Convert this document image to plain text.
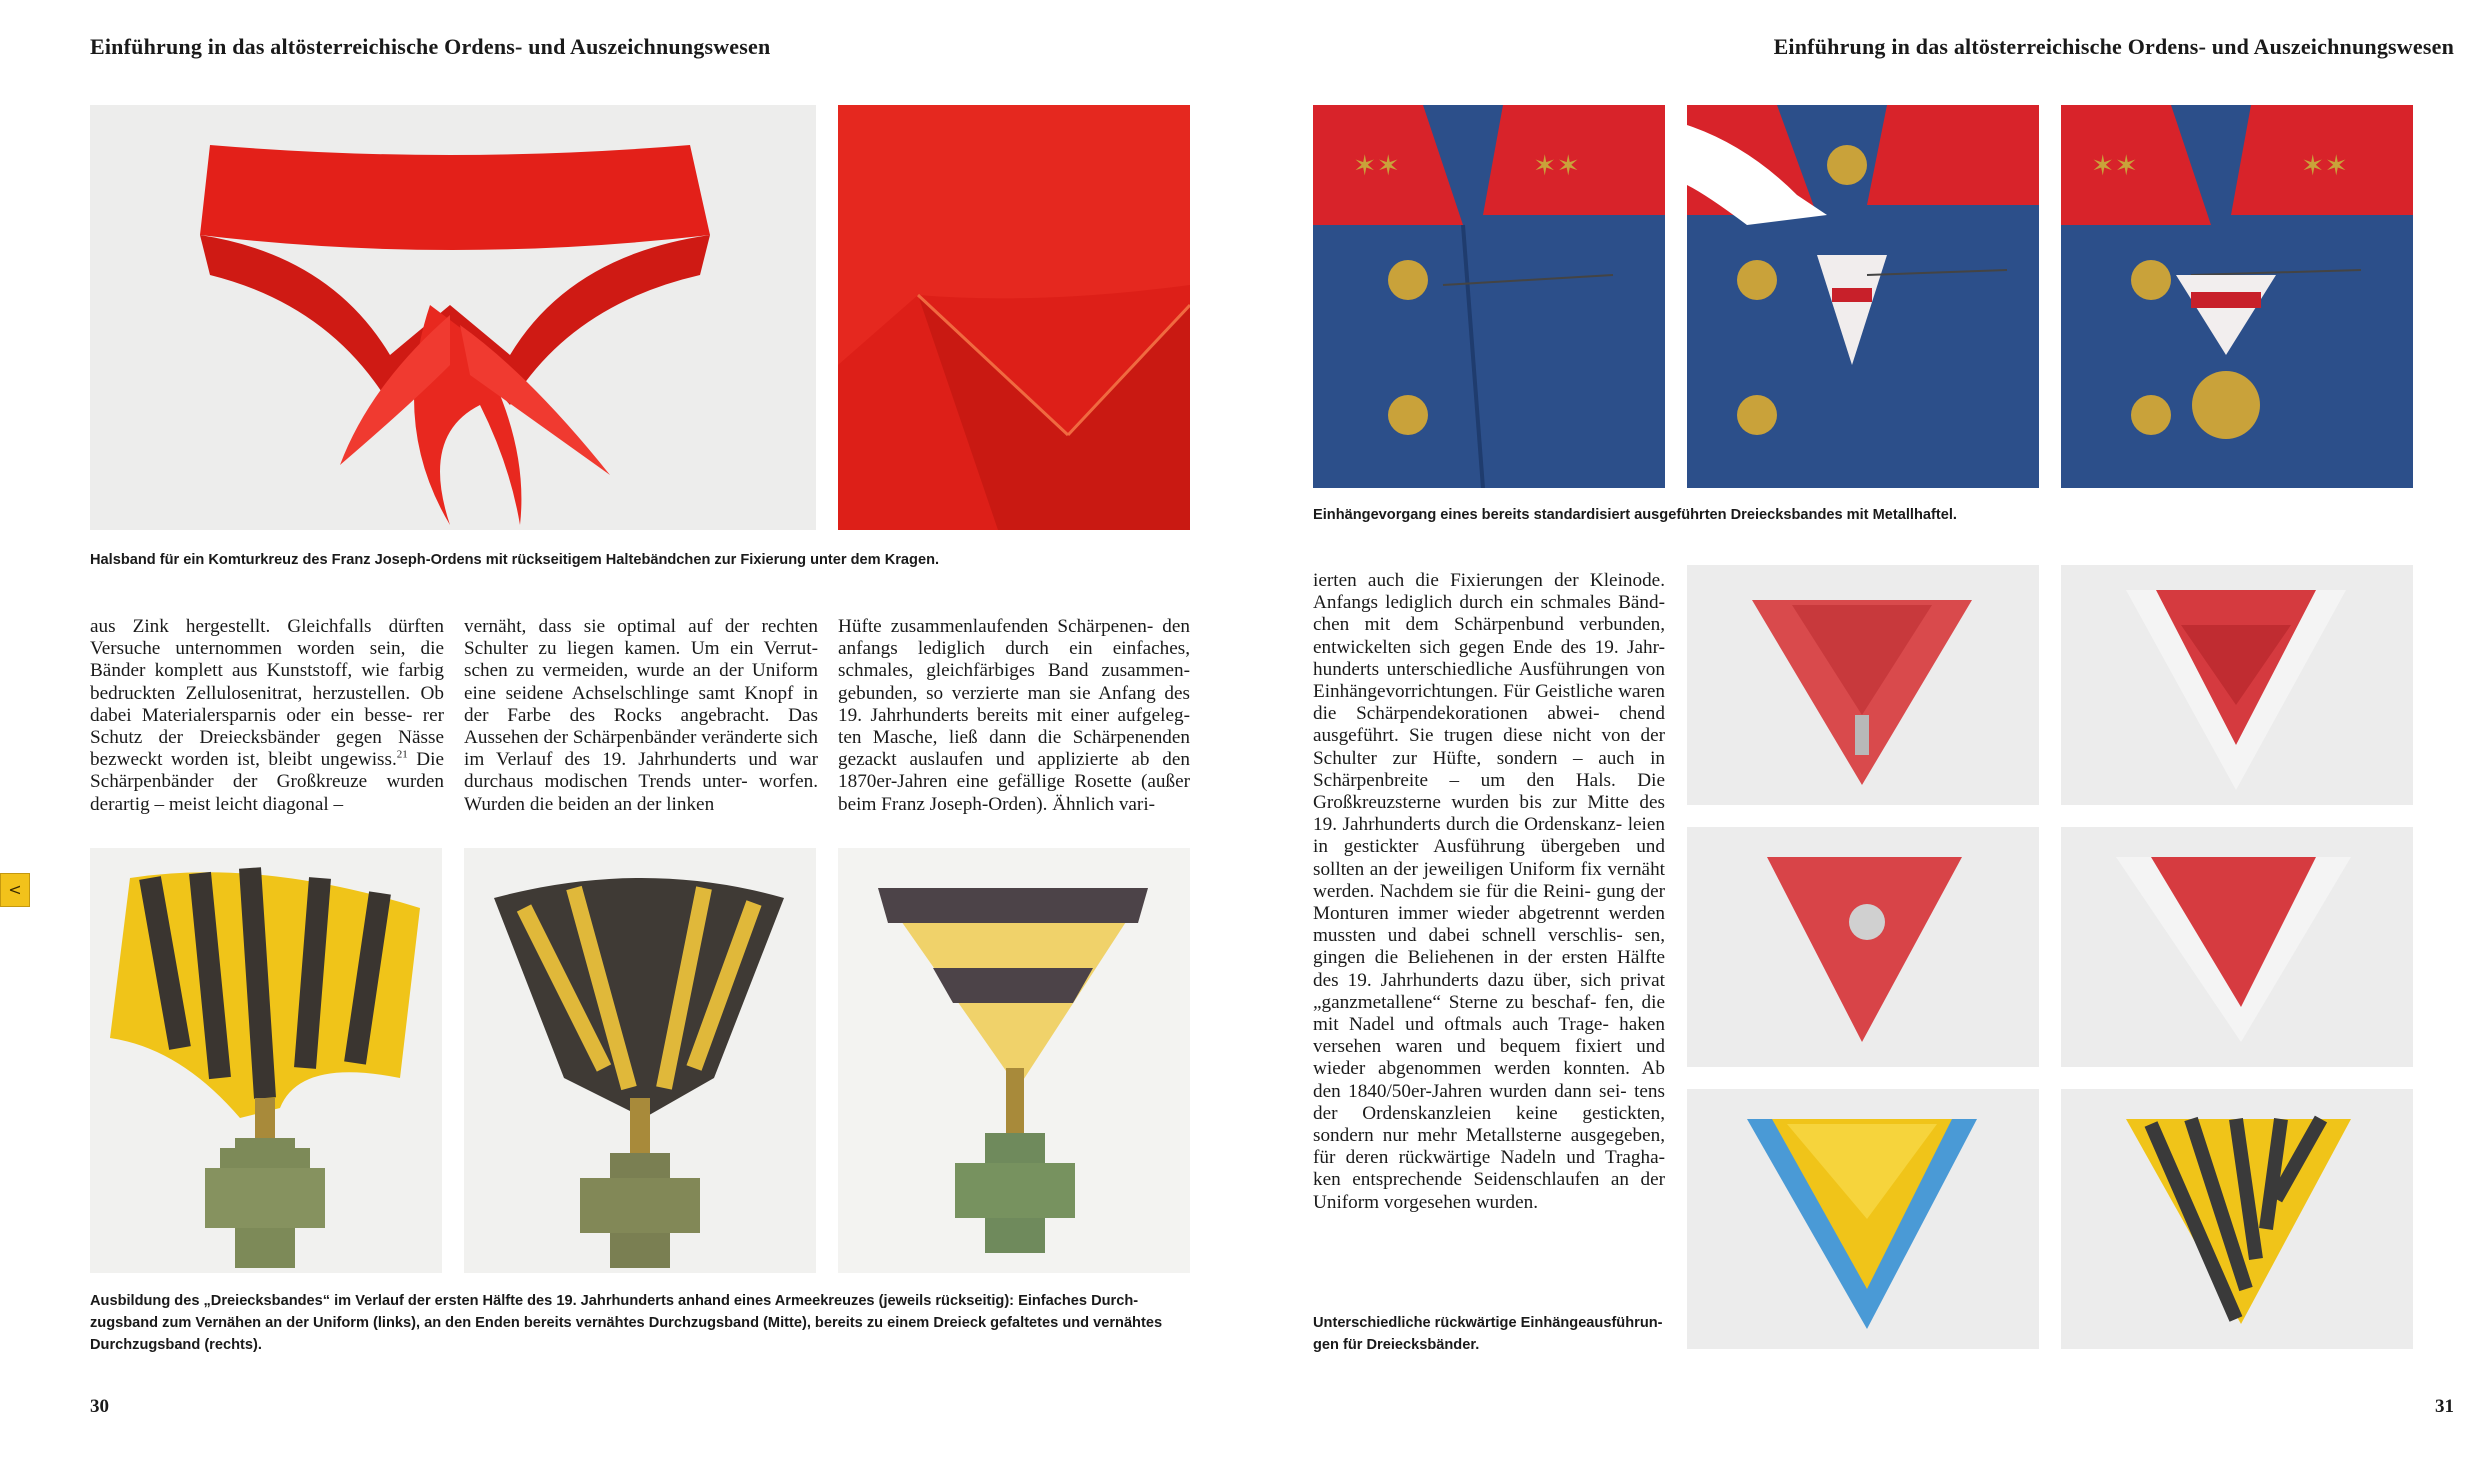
Einführung in das altösterreichische Ordens- und Auszeichnungswesen
Halsband für ein Komturkreuz des Franz Joseph-Ordens mit rückseitigem Haltebändchen zur Fixierung unter dem Kragen.
aus Zink hergestellt. Gleichfalls dürften Versuche unternommen worden sein, die Bänder komplett aus Kunststoff, wie farbig bedruckten Zellulosenitrat, herzustellen. Ob dabei Materialersparnis oder ein besse- rer Schutz der Dreiecksbänder gegen Nässe bezweckt worden ist, bleibt ungewiss.$^{21}$ Die Schärpenbänder der Großkreuze wurden derartig – meist leicht diagonal –
vernäht, dass sie optimal auf der rechten Schulter zu liegen kamen. Um ein Verrut- schen zu vermeiden, wurde an der Uniform eine seidene Achselschlinge samt Knopf in der Farbe des Rocks angebracht. Das Aussehen der Schärpenbänder veränderte sich im Verlauf des 19. Jahrhunderts und war durchaus modischen Trends unter- worfen. Wurden die beiden an der linken
Hüfte zusammenlaufenden Schärpenen- den anfangs lediglich durch ein einfaches, schmales, gleichfärbiges Band zusammen- gebunden, so verzierte man sie Anfang des 19. Jahrhunderts bereits mit einer aufgeleg- ten Masche, ließ dann die Schärpenenden gezackt auslaufen und applizierte ab den 1870er-Jahren eine gefällige Rosette (außer beim Franz Joseph-Orden). Ähnlich vari-
Ausbildung des „Dreiecksbandes“ im Verlauf der ersten Hälfte des 19. Jahrhunderts anhand eines Armeekreuzes (jeweils rückseitig): Einfaches Durch- zugsband zum Vernähen an der Uniform (links), an den Enden bereits vernähtes Durchzugsband (Mitte), bereits zu einem Dreieck gefaltetes und vernähtes Durchzugsband (rechts).
30
<
Einführung in das altösterreichische Ordens- und Auszeichnungswesen
✶✶	✶✶	✶✶	✶✶
Einhängevorgang eines bereits standardisiert ausgeführten Dreiecksbandes mit Metallhaftel.
ierten auch die Fixierungen der Kleinode. Anfangs lediglich durch ein schmales Bänd- chen mit dem Schärpenbund verbunden, entwickelten sich gegen Ende des 19. Jahr- hunderts unterschiedliche Ausführungen von Einhängevorrichtungen. Für Geistliche waren die Schärpendekorationen abwei- chend ausgeführt. Sie trugen diese nicht von der Schulter zur Hüfte, sondern – auch in Schärpenbreite – um den Hals. Die Großkreuzsterne wurden bis zur Mitte des 19. Jahrhunderts durch die Ordenskanz- leien in gestickter Ausführung übergeben und sollten an der jeweiligen Uniform fix vernäht werden. Nachdem sie für die Reini- gung der Monturen immer wieder abgetrennt werden mussten und dabei schnell verschlis- sen, gingen die Beliehenen in der ersten Hälfte des 19. Jahrhunderts dazu über, sich privat „ganzmetallene“ Sterne zu beschaf- fen, die mit Nadel und oftmals auch Trage- haken versehen waren und bequem fixiert und wieder abgenommen werden konnten. Ab den 1840/50er-Jahren wurden dann sei- tens der Ordenskanzleien keine gestickten, sondern nur mehr Metallsterne ausgegeben, für deren rückwärtige Nadeln und Tragha- ken entsprechende Seidenschlaufen an der Uniform vorgesehen wurden.
Unterschiedliche rückwärtige Einhängeausführun- gen für Dreiecksbänder.
31
